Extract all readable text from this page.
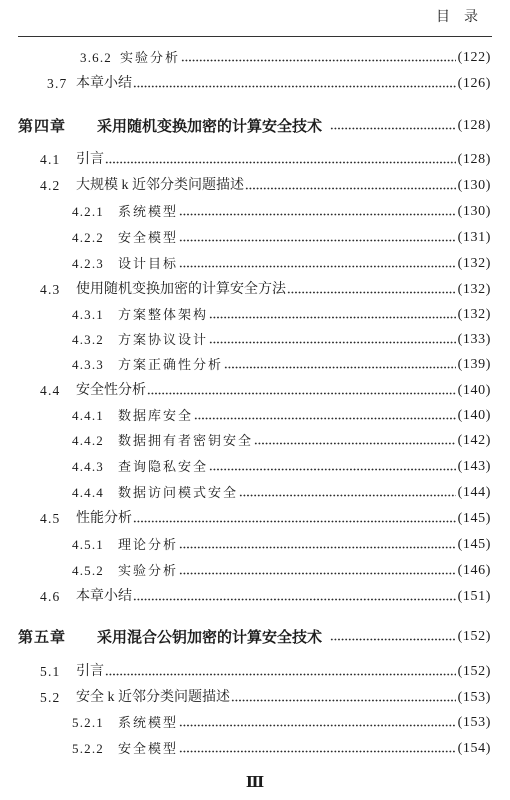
目　录
3.6.2 实验分析	(122)
3.7 本章小结	(126)
第四章	采用随机变换加密的计算安全技术	(128)
4.1	引言	(128)
4.2	大规模 k 近邻分类问题描述	(130)
4.2.1	系统模型	(130)
4.2.2	安全模型	(131)
4.2.3	设计目标	(132)
4.3	使用随机变换加密的计算安全方法	(132)
4.3.1	方案整体架构	(132)
4.3.2	方案协议设计	(133)
4.3.3	方案正确性分析	(139)
4.4	安全性分析	(140)
4.4.1	数据库安全	(140)
4.4.2	数据拥有者密钥安全	(142)
4.4.3	查询隐私安全	(143)
4.4.4	数据访问模式安全	(144)
4.5	性能分析	(145)
4.5.1	理论分析	(145)
4.5.2	实验分析	(146)
4.6	本章小结	(151)
第五章	采用混合公钥加密的计算安全技术	(152)
5.1	引言	(152)
5.2	安全 k 近邻分类问题描述	(153)
5.2.1	系统模型	(153)
5.2.2	安全模型	(154)
Ⅲ
